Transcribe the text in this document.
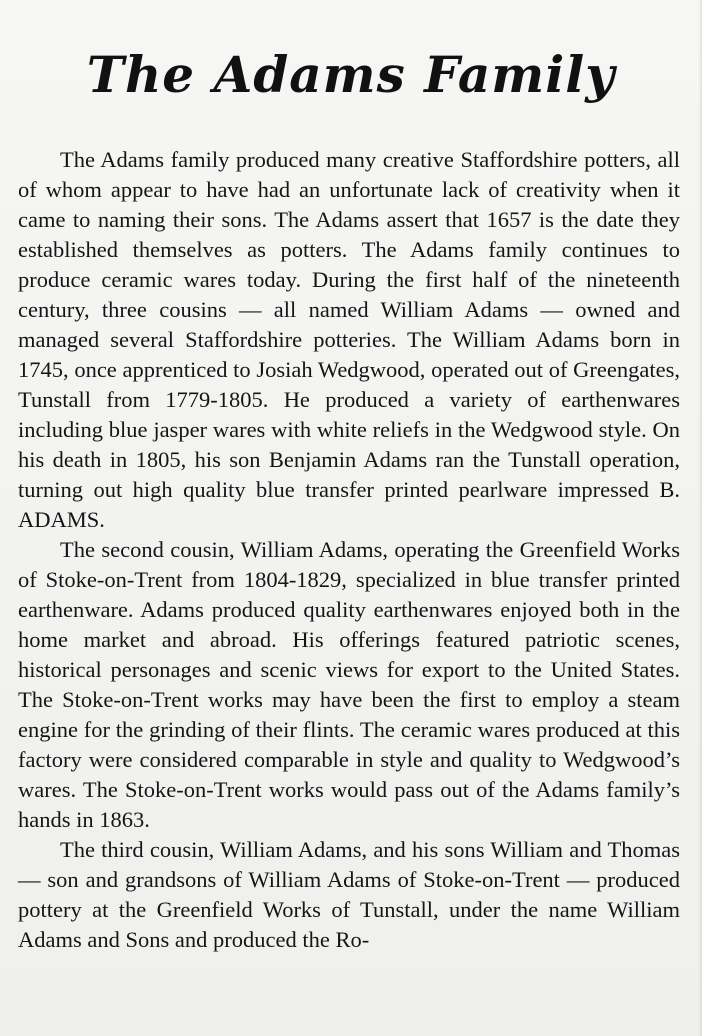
The Adams Family

The Adams family produced many creative Staffordshire potters, all of whom appear to have had an unfortunate lack of creativity when it came to naming their sons. The Adams assert that 1657 is the date they established themselves as potters. The Adams family continues to produce ceramic wares today. During the first half of the nineteenth century, three cousins — all named William Adams — owned and managed several Staffordshire potteries. The William Adams born in 1745, once apprenticed to Josiah Wedgwood, operated out of Greengates, Tunstall from 1779-1805. He produced a variety of earthenwares including blue jasper wares with white reliefs in the Wedgwood style. On his death in 1805, his son Benjamin Adams ran the Tunstall operation, turning out high quality blue transfer printed pearlware impressed B. ADAMS.

The second cousin, William Adams, operating the Greenfield Works of Stoke-on-Trent from 1804-1829, specialized in blue transfer printed earthenware. Adams produced quality earthenwares enjoyed both in the home market and abroad. His offerings featured patriotic scenes, historical personages and scenic views for export to the United States. The Stoke-on-Trent works may have been the first to employ a steam engine for the grinding of their flints. The ceramic wares produced at this factory were considered comparable in style and quality to Wedgwood’s wares. The Stoke-on-Trent works would pass out of the Adams family’s hands in 1863.

The third cousin, William Adams, and his sons William and Thomas — son and grandsons of William Adams of Stoke-on-Trent — produced pottery at the Greenfield Works of Tunstall, under the name William Adams and Sons and produced the Ro-
